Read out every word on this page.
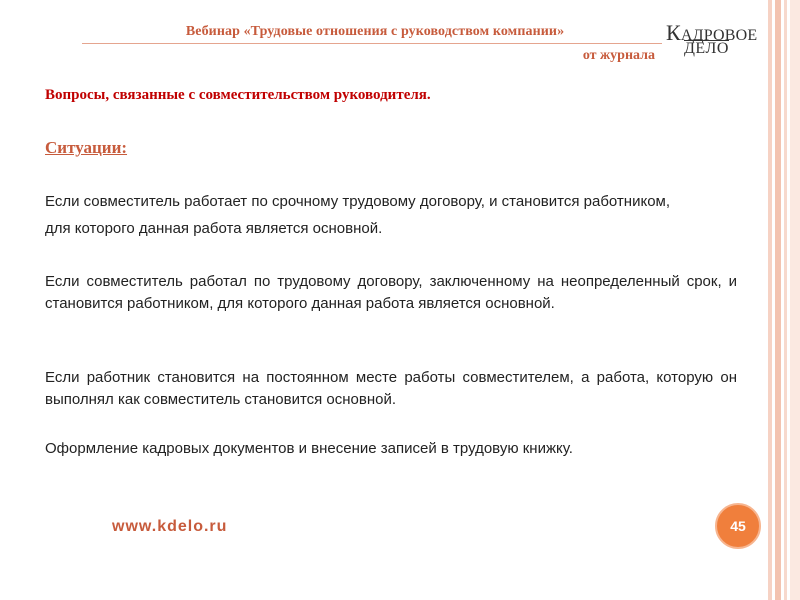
Вебинар «Трудовые отношения с руководством компании»
от журнала
КАДРОВОЕ
ДЕЛО
Вопросы, связанные с совместительством руководителя.
Ситуации:
Если совместитель работает по срочному трудовому договору, и становится работником, для которого данная работа является основной.
Если совместитель работал по трудовому договору, заключенному на неопределенный срок, и становится работником, для которого данная работа является основной.
Если работник становится на постоянном месте работы совместителем, а работа, которую он выполнял как совместитель становится основной.
Оформление кадровых документов и внесение записей в трудовую книжку.
www.kdelo.ru	45
